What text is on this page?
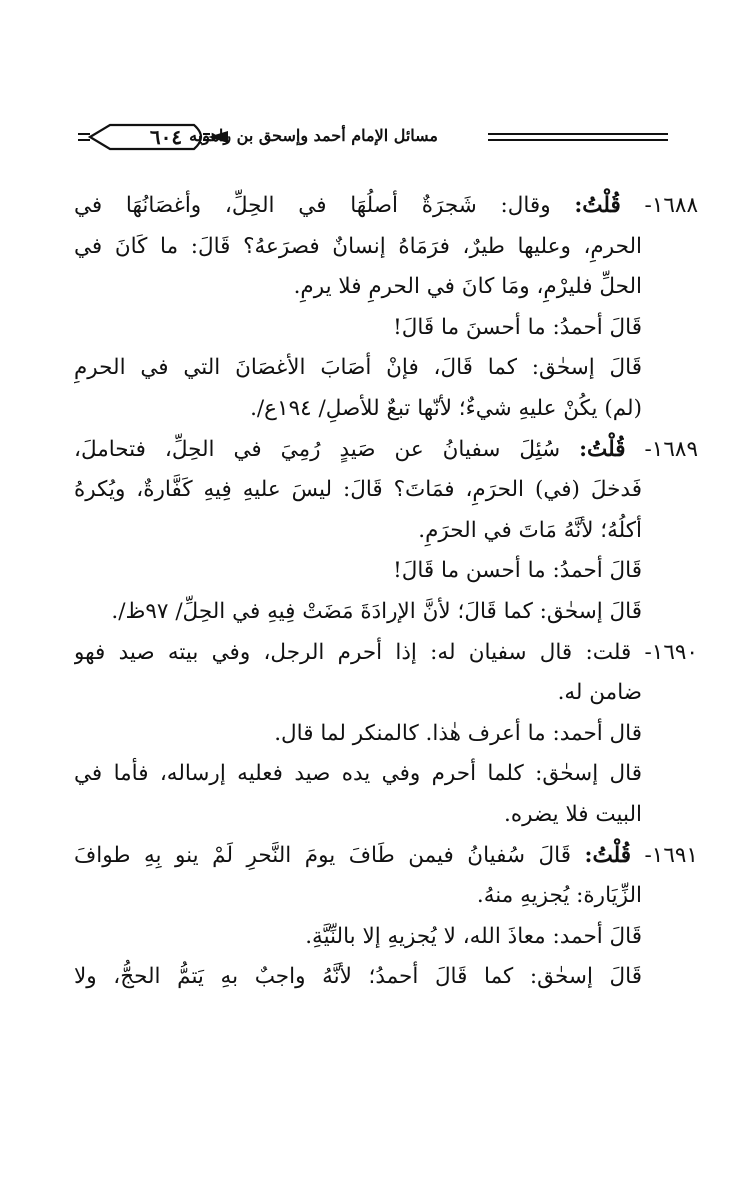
٦٠٤ مسائل الإمام أحمد وإسحق بن راهويه
١٦٨٨- قُلْتُ: وقال: شَجرَةٌ أصلُهَا في الحِلِّ، وأغصَانُهَا في
الحرمِ، وعليها طيرٌ، فرَمَاهُ إنسانٌ فصرَعهُ؟ قَالَ: ما كَانَ في
الحلِّ فليرْمِ، ومَا كانَ في الحرمِ فلا يرمِ.
قَالَ أحمدُ: ما أحسنَ ما قَالَ!
قَالَ إسحٰق: كما قَالَ، فإنْ أصَابَ الأغصَانَ التي في الحرمِ
(لم) يكُنْ عليهِ شيءٌ؛ لأنّها تبعٌ للأصلِ/ ١٩٤ع/.
١٦٨٩- قُلْتُ: سُئِلَ سفيانُ عن صَيدٍ رُمِيَ في الحِلِّ، فتحاملَ،
فَدخلَ (في) الحرَمِ، فمَاتَ؟ قَالَ: ليسَ عليهِ فِيهِ كَفَّارةٌ، ويُكرهُ
أكلُهُ؛ لأنَّهُ مَاتَ في الحرَمِ.
قَالَ أحمدُ: ما أحسن ما قَالَ!
قَالَ إسحٰق: كما قَالَ؛ لأنَّ الإرادَةَ مَضَتْ فِيهِ في الحِلِّ/ ٩٧ظ/.
١٦٩٠- قلت: قال سفيان له: إذا أحرم الرجل، وفي بيته صيد فهو
ضامن له.
قال أحمد: ما أعرف هٰذا. كالمنكر لما قال.
قال إسحٰق: كلما أحرم وفي يده صيد فعليه إرساله، فأما في
البيت فلا يضره.
١٦٩١- قُلْتُ: قَالَ سُفيانُ فيمن طَافَ يومَ النَّحرِ لَمْ ينو بِهِ طوافَ
الزِّيَارة: يُجزيهِ منهُ.
قَالَ أحمد: معاذَ الله، لا يُجزيهِ إلا بالنِّيَّةِ.
قَالَ إسحٰق: كما قَالَ أحمدُ؛ لأنَّهُ واجبٌ بهِ يَتمُّ الحجُّ، ولا
